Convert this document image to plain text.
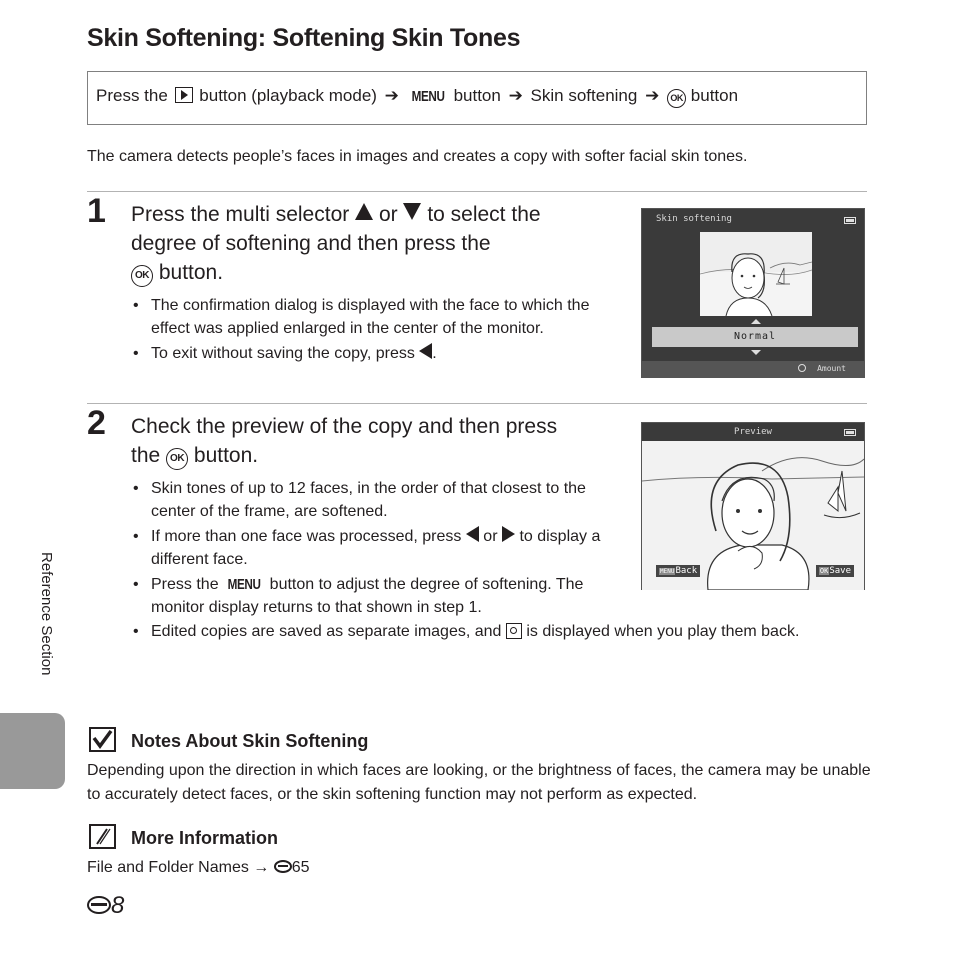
Skin Softening: Softening Skin Tones
Press the button (playback mode) ➔ MENU button ➔ Skin softening ➔ OK button
The camera detects people’s faces in images and creates a copy with softer facial skin tones.
1 Press the multi selector or to select the
degree of softening and then press the
OK button.
• The confirmation dialog is displayed with the face to which the effect was applied enlarged in the center of the monitor.
• To exit without saving the copy, press .
Skin softening
Normal
Amount
2 Check the preview of the copy and then press
the OK button.
• Skin tones of up to 12 faces, in the order of that closest to the center of the frame, are softened.
• If more than one face was processed, press or to display a different face.
• Press the MENU button to adjust the degree of softening. The monitor display returns to that shown in step 1.
• Edited copies are saved as separate images, and is displayed when you play them back.
Preview
MENUBack	OKSave
Reference Section
Notes About Skin Softening
Depending upon the direction in which faces are looking, or the brightness of faces, the camera may be unable to accurately detect faces, or the skin softening function may not perform as expected.
More Information
File and Folder Names → 65
8
